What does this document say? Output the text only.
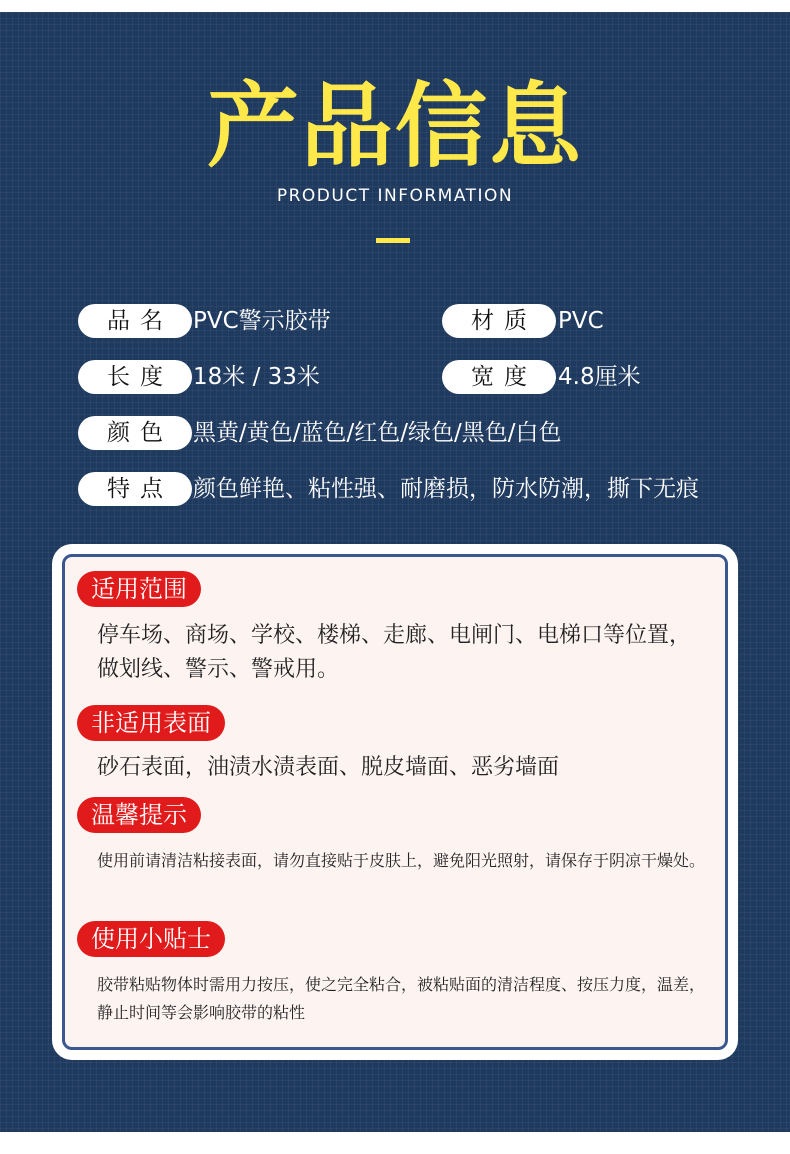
产品信息
PRODUCT INFORMATION
品名 PVC警示胶带	材质 PVC
长度 18米 / 33米	宽度 4.8厘米
颜色 黑黄/黄色/蓝色/红色/绿色/黑色/白色
特点 颜色鲜艳、粘性强、耐磨损，防水防潮，撕下无痕
适用范围
停车场、商场、学校、楼梯、走廊、电闸门、电梯口等位置，做划线、警示、警戒用。
非适用表面
砂石表面，油渍水渍表面、脱皮墙面、恶劣墙面
温馨提示
使用前请清洁粘接表面，请勿直接贴于皮肤上，避免阳光照射，请保存于阴凉干燥处。
使用小贴士
胶带粘贴物体时需用力按压，使之完全粘合，被粘贴面的清洁程度、按压力度，温差，静止时间等会影响胶带的粘性
